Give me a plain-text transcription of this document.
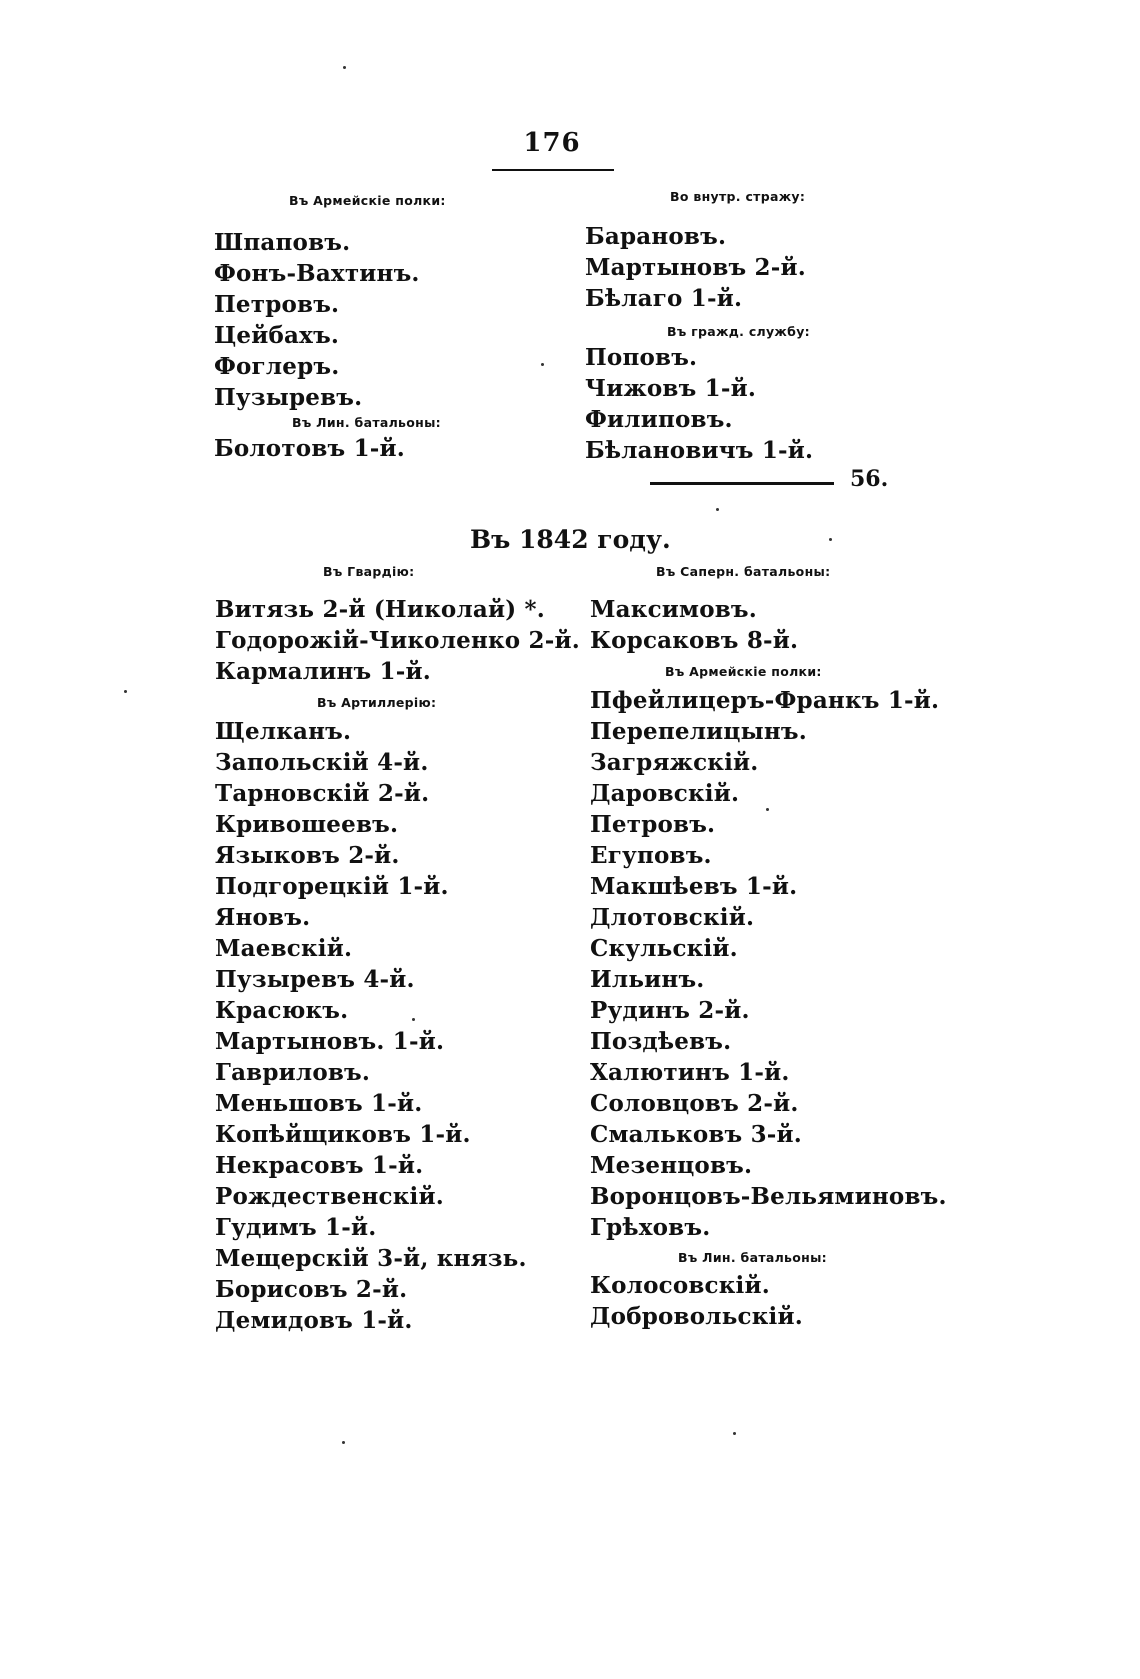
176
Въ Армейскіе полки:
Шпаповъ.
Фонъ-Вахтинъ.
Петровъ.
Цейбахъ.
Фоглеръ.
Пузыревъ.
Въ Лин. батальоны:
Болотовъ 1-й.
Во внутр. стражу:
Барановъ.
Мартыновъ 2-й.
Бѣлаго 1-й.
Въ гражд. службу:
Поповъ.
Чижовъ 1-й.
Филиповъ.
Бѣлановичъ 1-й.
56.
Въ 1842 году.
Въ Гвардію:
Витязь 2-й (Николай) *.
Годорожій-Чиколенко 2-й.
Кармалинъ 1-й.
Въ Артиллерію:
Щелканъ.
Запольскій 4-й.
Тарновскій 2-й.
Кривошеевъ.
Языковъ 2-й.
Подгорецкій 1-й.
Яновъ.
Маевскій.
Пузыревъ 4-й.
Красюкъ.
Мартыновъ. 1-й.
Гавриловъ.
Меньшовъ 1-й.
Копѣйщиковъ 1-й.
Некрасовъ 1-й.
Рождественскій.
Гудимъ 1-й.
Мещерскій 3-й, князь.
Борисовъ 2-й.
Демидовъ 1-й.
Въ Саперн. батальоны:
Максимовъ.
Корсаковъ 8-й.
Въ Армейскіе полки:
Пфейлицеръ-Франкъ 1-й.
Перепелицынъ.
Загряжскій.
Даровскій.
Петровъ.
Егуповъ.
Макшѣевъ 1-й.
Длотовскій.
Скульскій.
Ильинъ.
Рудинъ 2-й.
Поздѣевъ.
Халютинъ 1-й.
Соловцовъ 2-й.
Смальковъ 3-й.
Мезенцовъ.
Воронцовъ-Вельяминовъ.
Грѣховъ.
Въ Лин. батальоны:
Колосовскій.
Добровольскій.
